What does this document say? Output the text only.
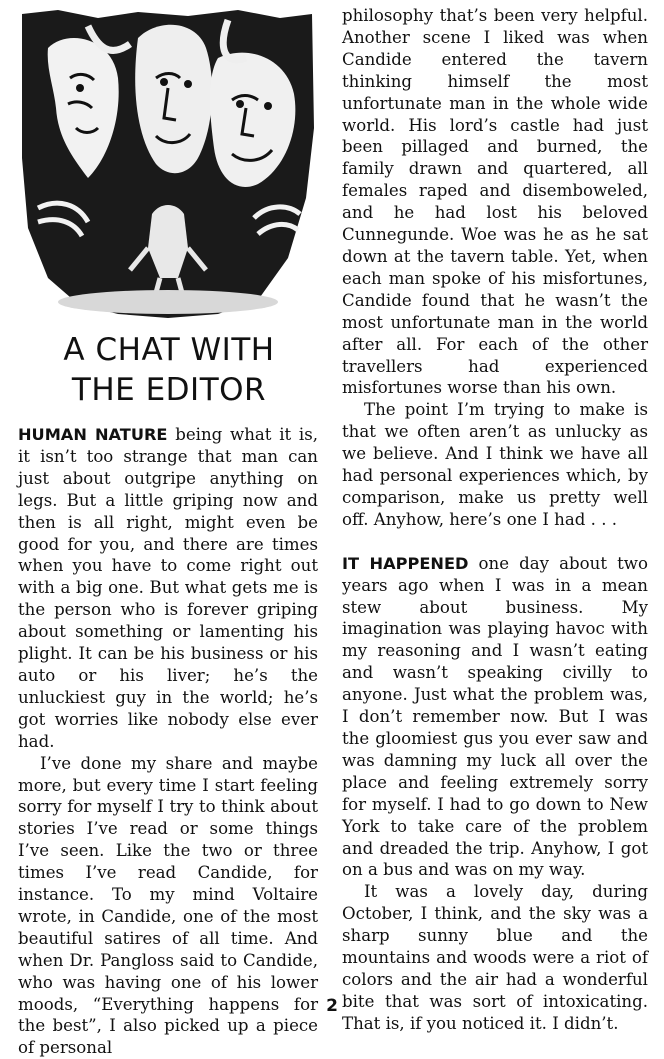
A CHAT WITH
THE EDITOR

HUMAN NATURE being what it is, it isn’t too strange that man can just about outgripe anything on legs. But a little griping now and then is all right, might even be good for you, and there are times when you have to come right out with a big one. But what gets me is the person who is forever griping about something or lamenting his plight. It can be his business or his auto or his liver; he’s the unluckiest guy in the world; he’s got worries like nobody else ever had.

I’ve done my share and maybe more, but every time I start feeling sorry for myself I try to think about stories I’ve read or some things I’ve seen. Like the two or three times I’ve read Candide, for instance. To my mind Voltaire wrote, in Candide, one of the most beautiful satires of all time. And when Dr. Pangloss said to Candide, who was having one of his lower moods, “Everything happens for the best”, I also picked up a piece of personal

philosophy that’s been very helpful. Another scene I liked was when Candide entered the tavern thinking himself the most unfortunate man in the whole wide world. His lord’s castle had just been pillaged and burned, the family drawn and quartered, all females raped and disemboweled, and he had lost his beloved Cunnegunde. Woe was he as he sat down at the tavern table. Yet, when each man spoke of his misfortunes, Candide found that he wasn’t the most unfortunate man in the world after all. For each of the other travellers had experienced misfortunes worse than his own.

The point I’m trying to make is that we often aren’t as unlucky as we believe. And I think we have all had personal experiences which, by comparison, make us pretty well off. Anyhow, here’s one I had . . .

IT HAPPENED one day about two years ago when I was in a mean stew about business. My imagination was playing havoc with my reasoning and I wasn’t eating and wasn’t speaking civilly to anyone. Just what the problem was, I don’t remember now. But I was the gloomiest gus you ever saw and was damning my luck all over the place and feeling extremely sorry for myself. I had to go down to New York to take care of the problem and dreaded the trip. Anyhow, I got on a bus and was on my way.

It was a lovely day, during October, I think, and the sky was a sharp sunny blue and the mountains and woods were a riot of colors and the air had a wonderful bite that was sort of intoxicating. That is, if you noticed it. I didn’t.

2
